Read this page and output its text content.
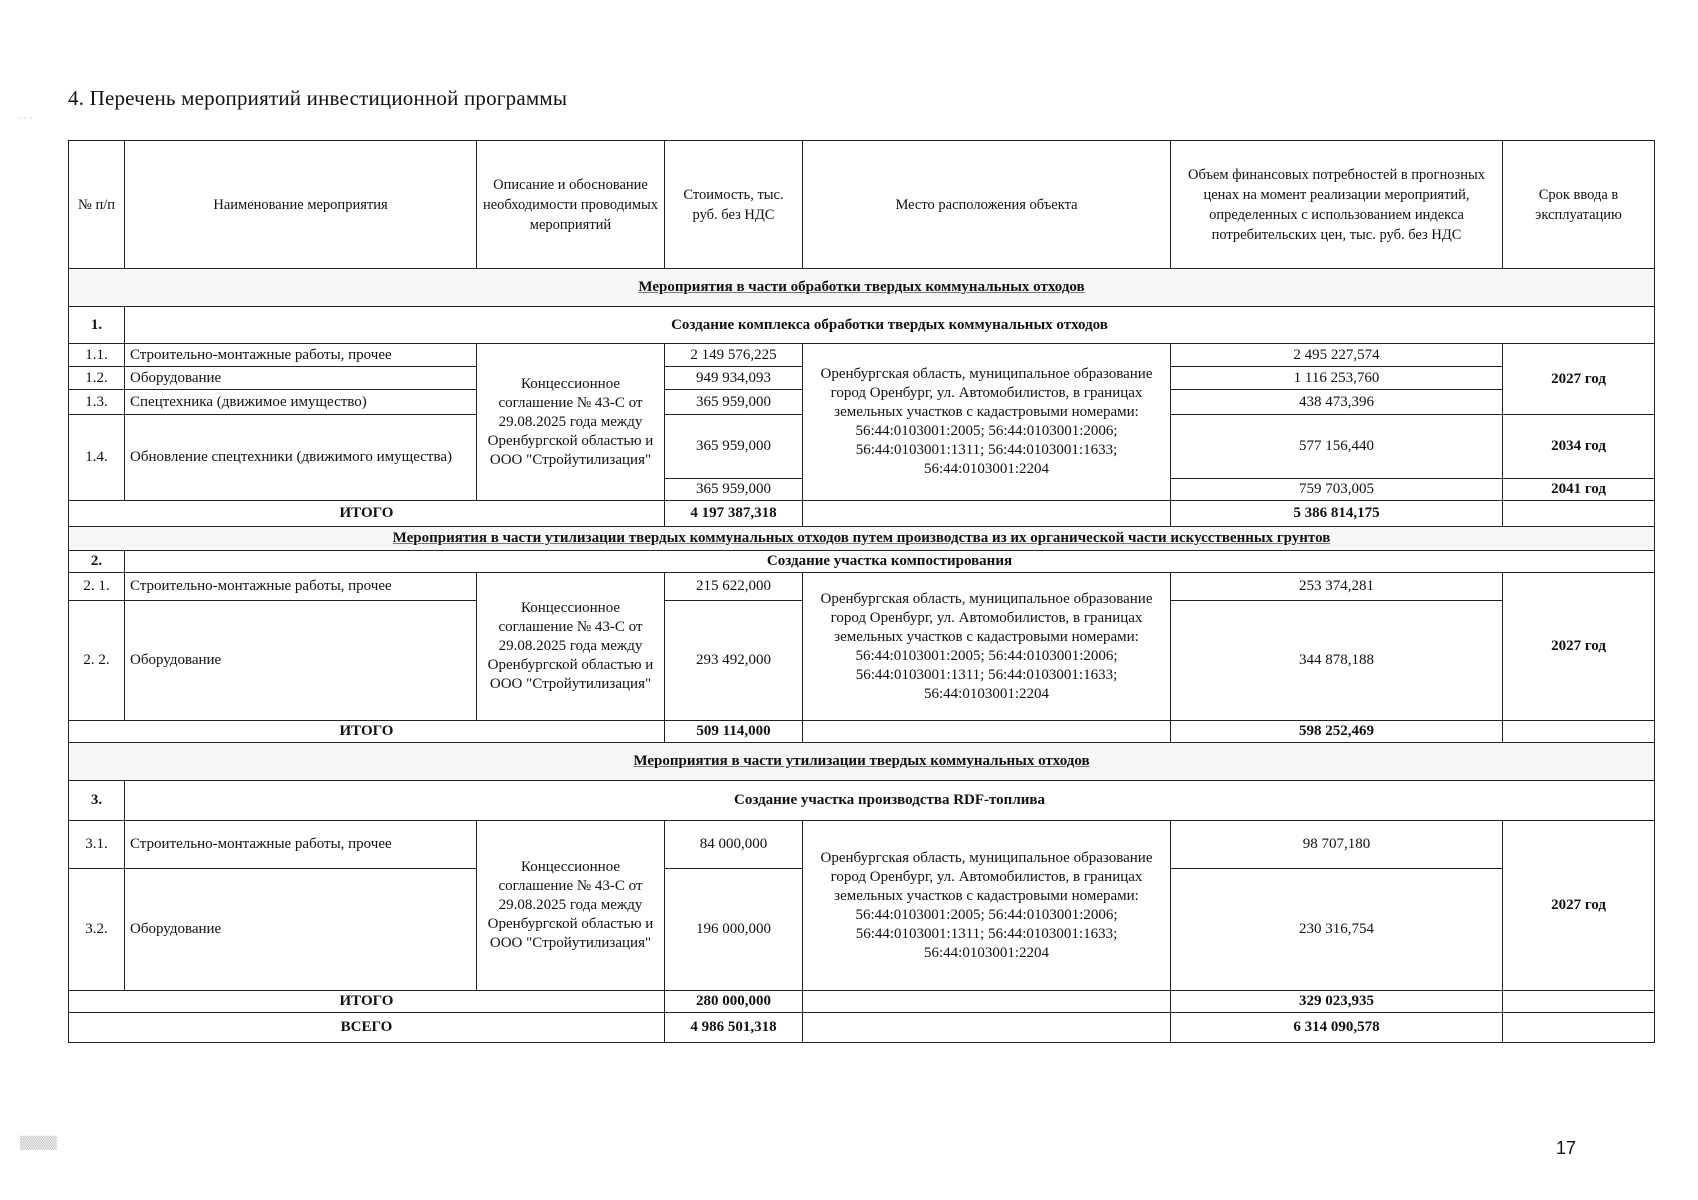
4. Перечень мероприятий инвестиционной программы
· · ·
№ п/п	Наименование мероприятия	Описание и обоснование необходимости проводимых мероприятий	Стоимость, тыс. руб. без НДС	Место расположения объекта	Объем финансовых потребностей в прогнозных ценах на момент реализации мероприятий, определенных с использованием индекса потребительских цен, тыс. руб. без НДС	Срок ввода в эксплуатацию
Мероприятия в части обработки твердых коммунальных отходов						
1.	Создание комплекса обработки твердых коммунальных отходов					
1.1.	Строительно-монтажные работы, прочее	Концессионное соглашение № 43-С от 29.08.2025 года между Оренбургской областью и ООО "Стройутилизация"	2 149 576,225	Оренбургская область, муниципальное образование город Оренбург, ул. Автомобилистов, в границах земельных участков с кадастровыми номерами: 56:44:0103001:2005; 56:44:0103001:2006; 56:44:0103001:1311; 56:44:0103001:1633; 56:44:0103001:2204	2 495 227,574	2027 год
1.2.	Оборудование		949 934,093		1 116 253,760	
1.3.	Спецтехника (движимое имущество)		365 959,000		438 473,396	
1.4.	Обновление спецтехники (движимого имущества)		365 959,000		577 156,440	2034 год
			365 959,000		759 703,005	2041 год
ИТОГО			4 197 387,318		5 386 814,175	
Мероприятия в части утилизации твердых коммунальных отходов путем производства из их органической части искусственных грунтов						
2.	Создание участка компостирования					
2. 1.	Строительно-монтажные работы, прочее	Концессионное соглашение № 43-С от 29.08.2025 года между Оренбургской областью и ООО "Стройутилизация"	215 622,000	Оренбургская область, муниципальное образование город Оренбург, ул. Автомобилистов, в границах земельных участков с кадастровыми номерами: 56:44:0103001:2005; 56:44:0103001:2006; 56:44:0103001:1311; 56:44:0103001:1633; 56:44:0103001:2204	253 374,281	2027 год
2. 2.	Оборудование		293 492,000		344 878,188	
ИТОГО			509 114,000		598 252,469	
Мероприятия в части утилизации твердых коммунальных отходов						
3.	Создание участка производства RDF-топлива					
3.1.	Строительно-монтажные работы, прочее	Концессионное соглашение № 43-С от 29.08.2025 года между Оренбургской областью и ООО "Стройутилизация"	84 000,000	Оренбургская область, муниципальное образование город Оренбург, ул. Автомобилистов, в границах земельных участков с кадастровыми номерами: 56:44:0103001:2005; 56:44:0103001:2006; 56:44:0103001:1311; 56:44:0103001:1633; 56:44:0103001:2204	98 707,180	2027 год
3.2.	Оборудование		196 000,000		230 316,754	
ИТОГО			280 000,000		329 023,935	
ВСЕГО			4 986 501,318		6 314 090,578	
▒▒▒▒	17
